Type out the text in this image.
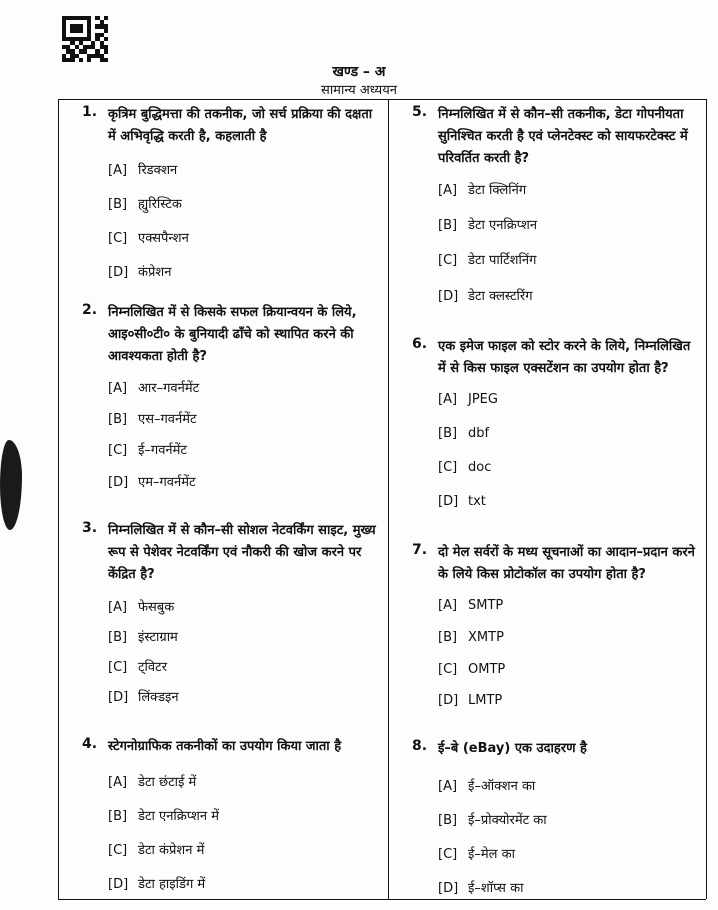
खण्ड – अ
सामान्य अध्ययन
1. कृत्रिम बुद्धिमत्ता की तकनीक, जो सर्च प्रक्रिया की दक्षता में अभिवृद्धि करती है, कहलाती है
[A] रिडक्शन
[B] ह्युरिस्टिक
[C] एक्सपैन्शन
[D] कंप्रेशन
2. निम्नलिखित में से किसके सफल क्रियान्वयन के लिये, आइ०सी०टी० के बुनियादी ढाँचे को स्थापित करने की आवश्यकता होती है?
[A] आर–गवर्नमेंट
[B] एस–गवर्नमेंट
[C] ई–गवर्नमेंट
[D] एम–गवर्नमेंट
3. निम्नलिखित में से कौन–सी सोशल नेटवर्किंग साइट, मुख्य रूप से पेशेवर नेटवर्किंग एवं नौकरी की खोज करने पर केंद्रित है?
[A] फेसबुक
[B] इंस्टाग्राम
[C] ट्विटर
[D] लिंक्डइन
4. स्टेगनोग्राफिक तकनीकों का उपयोग किया जाता है
[A] डेटा छंटाई में
[B] डेटा एनक्रिप्शन में
[C] डेटा कंप्रेशन में
[D] डेटा हाइडिंग में
5. निम्नलिखित में से कौन–सी तकनीक, डेटा गोपनीयता सुनिश्चित करती है एवं प्लेनटेक्स्ट को सायफरटेक्स्ट में परिवर्तित करती है?
[A] डेटा क्लिनिंग
[B] डेटा एनक्रिप्शन
[C] डेटा पार्टिशनिंग
[D] डेटा क्लस्टरिंग
6. एक इमेज फाइल को स्टोर करने के लिये, निम्नलिखित में से किस फाइल एक्सटेंशन का उपयोग होता है?
[A] JPEG
[B] dbf
[C] doc
[D] txt
7. दो मेल सर्वरों के मध्य सूचनाओं का आदान–प्रदान करने के लिये किस प्रोटोकॉल का उपयोग होता है?
[A] SMTP
[B] XMTP
[C] OMTP
[D] LMTP
8. ई–बे (eBay) एक उदाहरण है
[A] ई–ऑक्शन का
[B] ई–प्रोक्योरमेंट का
[C] ई–मेल का
[D] ई–शॉप्स का
